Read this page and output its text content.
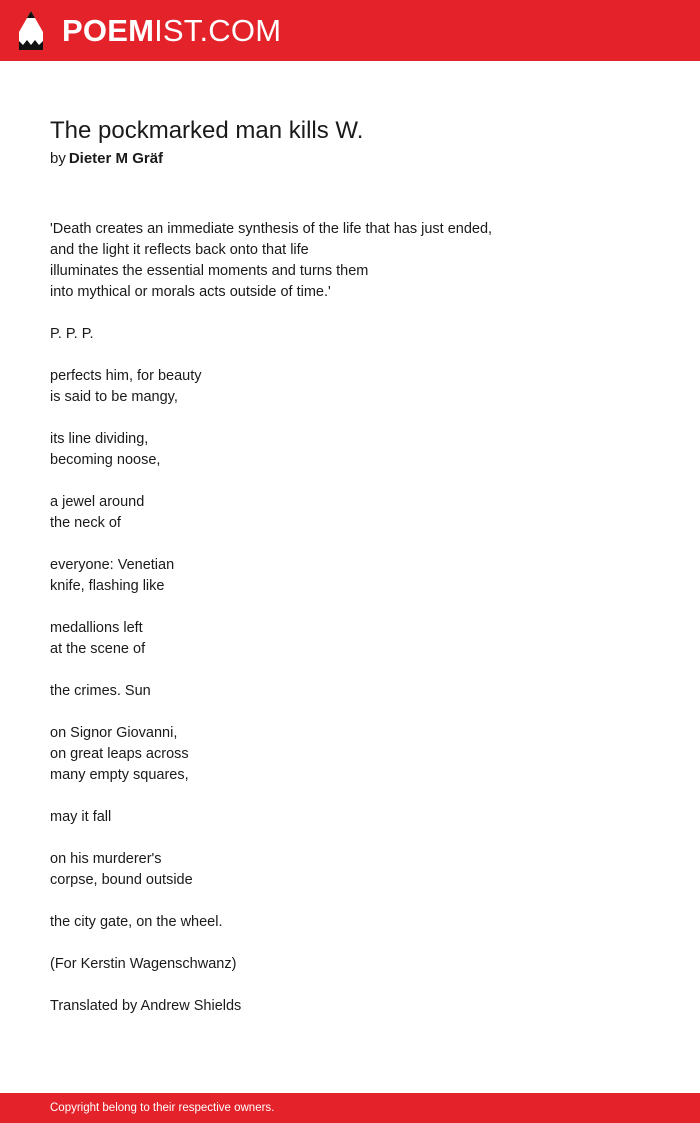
POEMIST.COM
The pockmarked man kills W.
by Dieter M Gräf
'Death creates an immediate synthesis of the life that has just ended,
and the light it reflects back onto that life
illuminates the essential moments and turns them
into mythical or morals acts outside of time.'
P. P. P.
perfects him, for beauty
is said to be mangy,
its line dividing,
becoming noose,
a jewel around
the neck of
everyone: Venetian
knife, flashing like
medallions left
at the scene of
the crimes. Sun
on Signor Giovanni,
on great leaps across
many empty squares,
may it fall
on his murderer's
corpse, bound outside
the city gate, on the wheel.
(For Kerstin Wagenschwanz)
Translated by Andrew Shields
Copyright belong to their respective owners.
